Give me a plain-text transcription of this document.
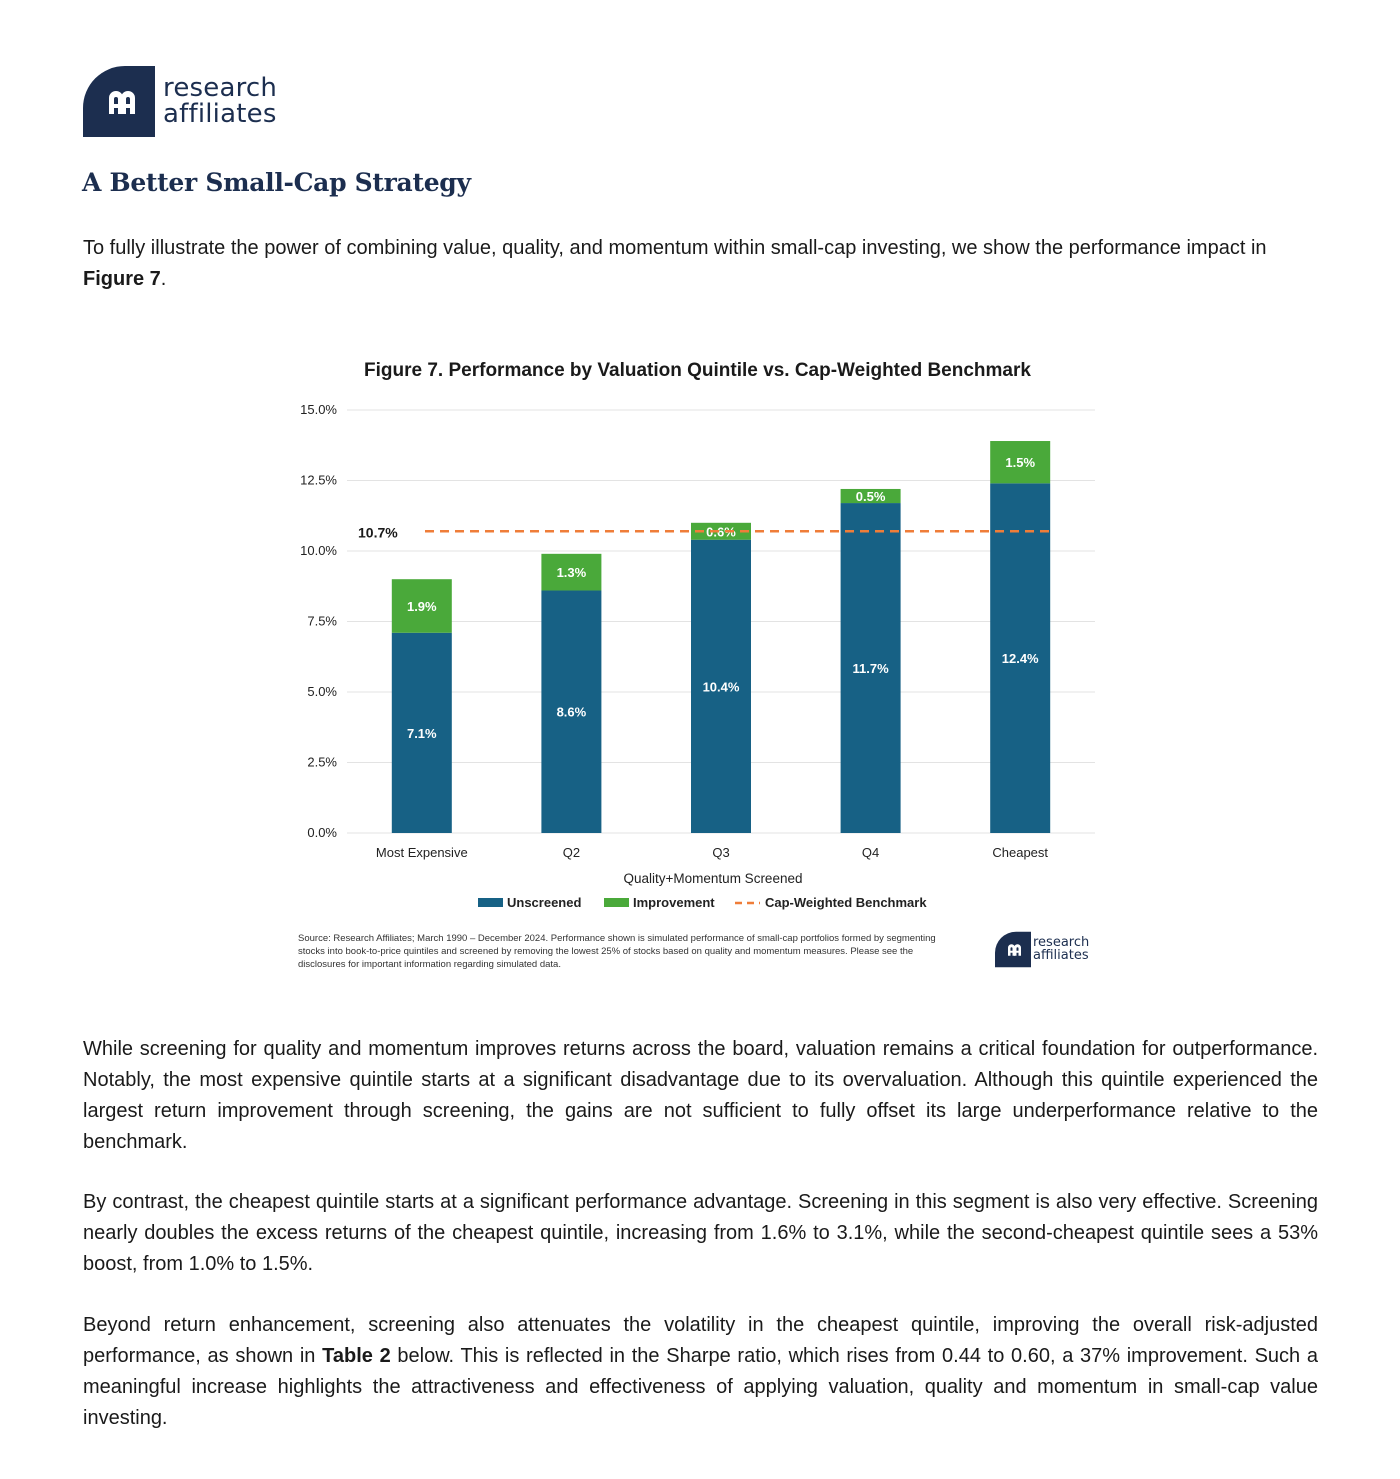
research
affiliates
A Better Small-Cap Strategy

To fully illustrate the power of combining value, quality, and momentum within small-cap investing, we show the performance impact in Figure 7.

Figure 7. Performance by Valuation Quintile vs. Cap-Weighted Benchmark
0.0%
2.5%
5.0%
7.5%
10.0%
12.5%
15.0%
7.1%
1.9%
Most Expensive
8.6%
1.3%
Q2
10.4%
0.6%
Q3
11.7%
0.5%
Q4
12.4%
1.5%
Cheapest
10.7%
Quality+Momentum Screened
Unscreened	Improvement	Cap-Weighted Benchmark
Source: Research Affiliates; March 1990 – December 2024. Performance shown is simulated performance of small-cap portfolios formed by segmenting stocks into book-to-price quintiles and screened by removing the lowest 25% of stocks based on quality and momentum measures. Please see the disclosures for important information regarding simulated data.
research
affiliates

While screening for quality and momentum improves returns across the board, valuation remains a critical foundation for outperformance. Notably, the most expensive quintile starts at a significant disadvantage due to its overvaluation. Although this quintile experienced the largest return improvement through screening, the gains are not sufficient to fully offset its large underperformance relative to the benchmark.

By contrast, the cheapest quintile starts at a significant performance advantage. Screening in this segment is also very effective. Screening nearly doubles the excess returns of the cheapest quintile, increasing from 1.6% to 3.1%, while the second-cheapest quintile sees a 53% boost, from 1.0% to 1.5%.

Beyond return enhancement, screening also attenuates the volatility in the cheapest quintile, improving the overall risk-adjusted performance, as shown in Table 2 below. This is reflected in the Sharpe ratio, which rises from 0.44 to 0.60, a 37% improvement. Such a meaningful increase highlights the attractiveness and effectiveness of applying valuation, quality and momentum in small-cap value investing.
